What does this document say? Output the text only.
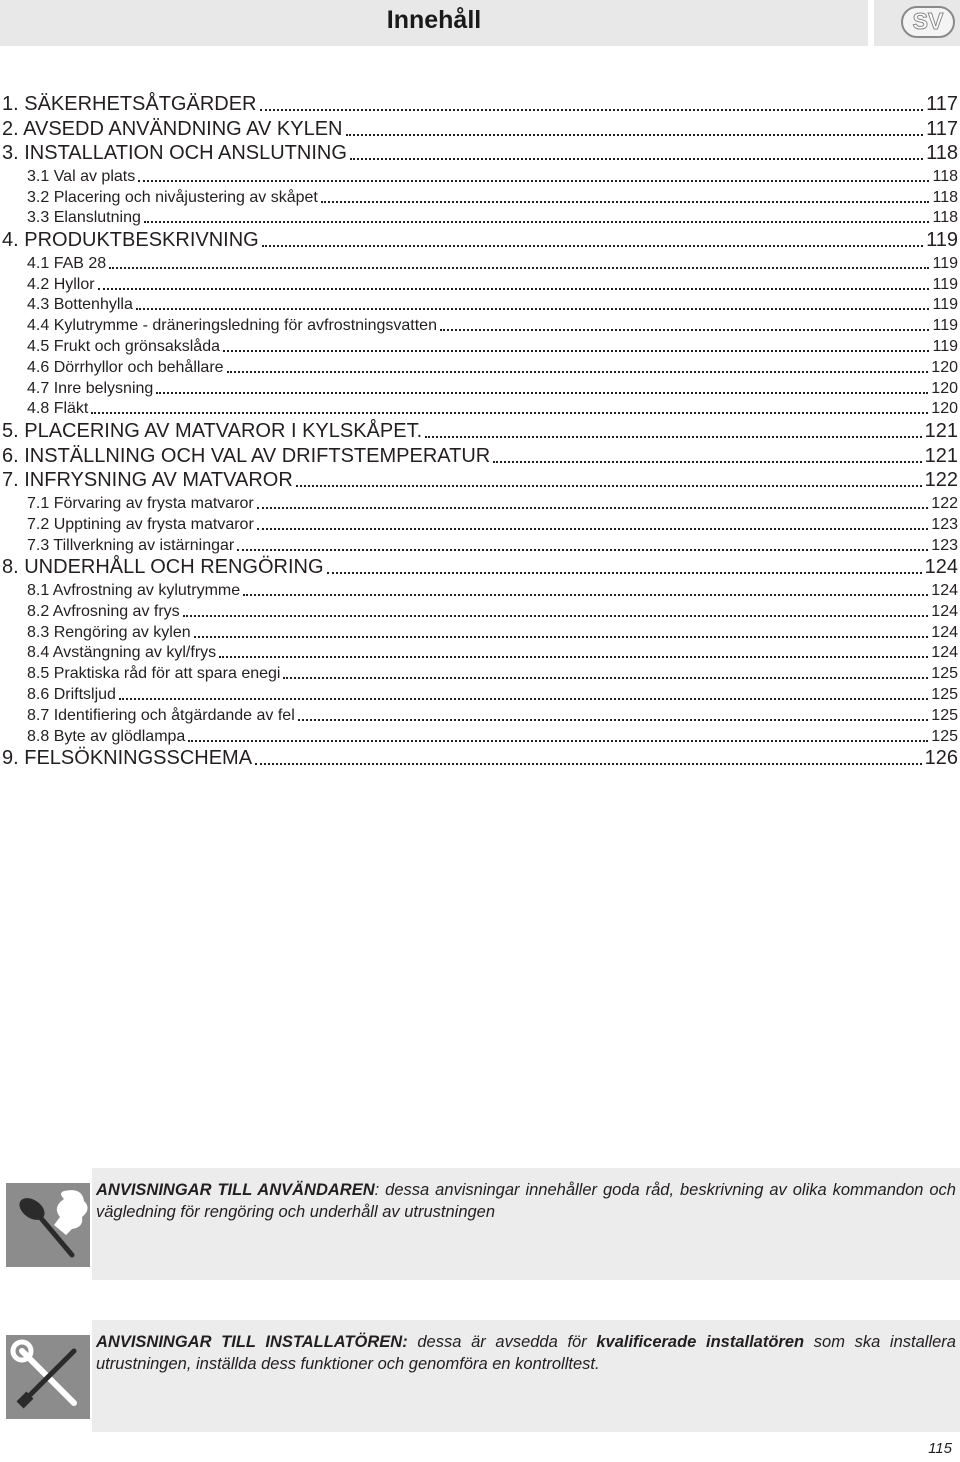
Innehåll	SV
1. SÄKERHETSÅTGÄRDER	117
2. AVSEDD ANVÄNDNING AV KYLEN	117
3. INSTALLATION OCH ANSLUTNING	118
3.1 Val av plats	118
3.2 Placering och nivåjustering av skåpet	118
3.3 Elanslutning	118
4. PRODUKTBESKRIVNING	119
4.1 FAB 28	119
4.2 Hyllor	119
4.3 Bottenhylla	119
4.4 Kylutrymme - dräneringsledning för avfrostningsvatten	119
4.5 Frukt och grönsakslåda	119
4.6 Dörrhyllor och behållare	120
4.7 Inre belysning	120
4.8 Fläkt	120
5. PLACERING AV MATVAROR I KYLSKÅPET.	121
6. INSTÄLLNING OCH VAL AV DRIFTSTEMPERATUR	121
7. INFRYSNING AV MATVAROR	122
7.1 Förvaring av frysta matvaror	122
7.2 Upptining av frysta matvaror	123
7.3 Tillverkning av istärningar	123
8. UNDERHÅLL OCH RENGÖRING	124
8.1 Avfrostning av kylutrymme	124
8.2 Avfrosning av frys	124
8.3 Rengöring av kylen	124
8.4 Avstängning av kyl/frys	124
8.5 Praktiska råd för att spara enegi	125
8.6 Driftsljud	125
8.7 Identifiering och åtgärdande av fel	125
8.8 Byte av glödlampa	125
9. FELSÖKNINGSSCHEMA	126
ANVISNINGAR TILL ANVÄNDAREN: dessa anvisningar innehåller goda råd, beskrivning av olika kommandon och vägledning för rengöring och underhåll av utrustningen
ANVISNINGAR TILL INSTALLATÖREN: dessa är avsedda för kvalificerade installatören som ska installera utrustningen, inställda dess funktioner och genomföra en kontrolltest.
115
